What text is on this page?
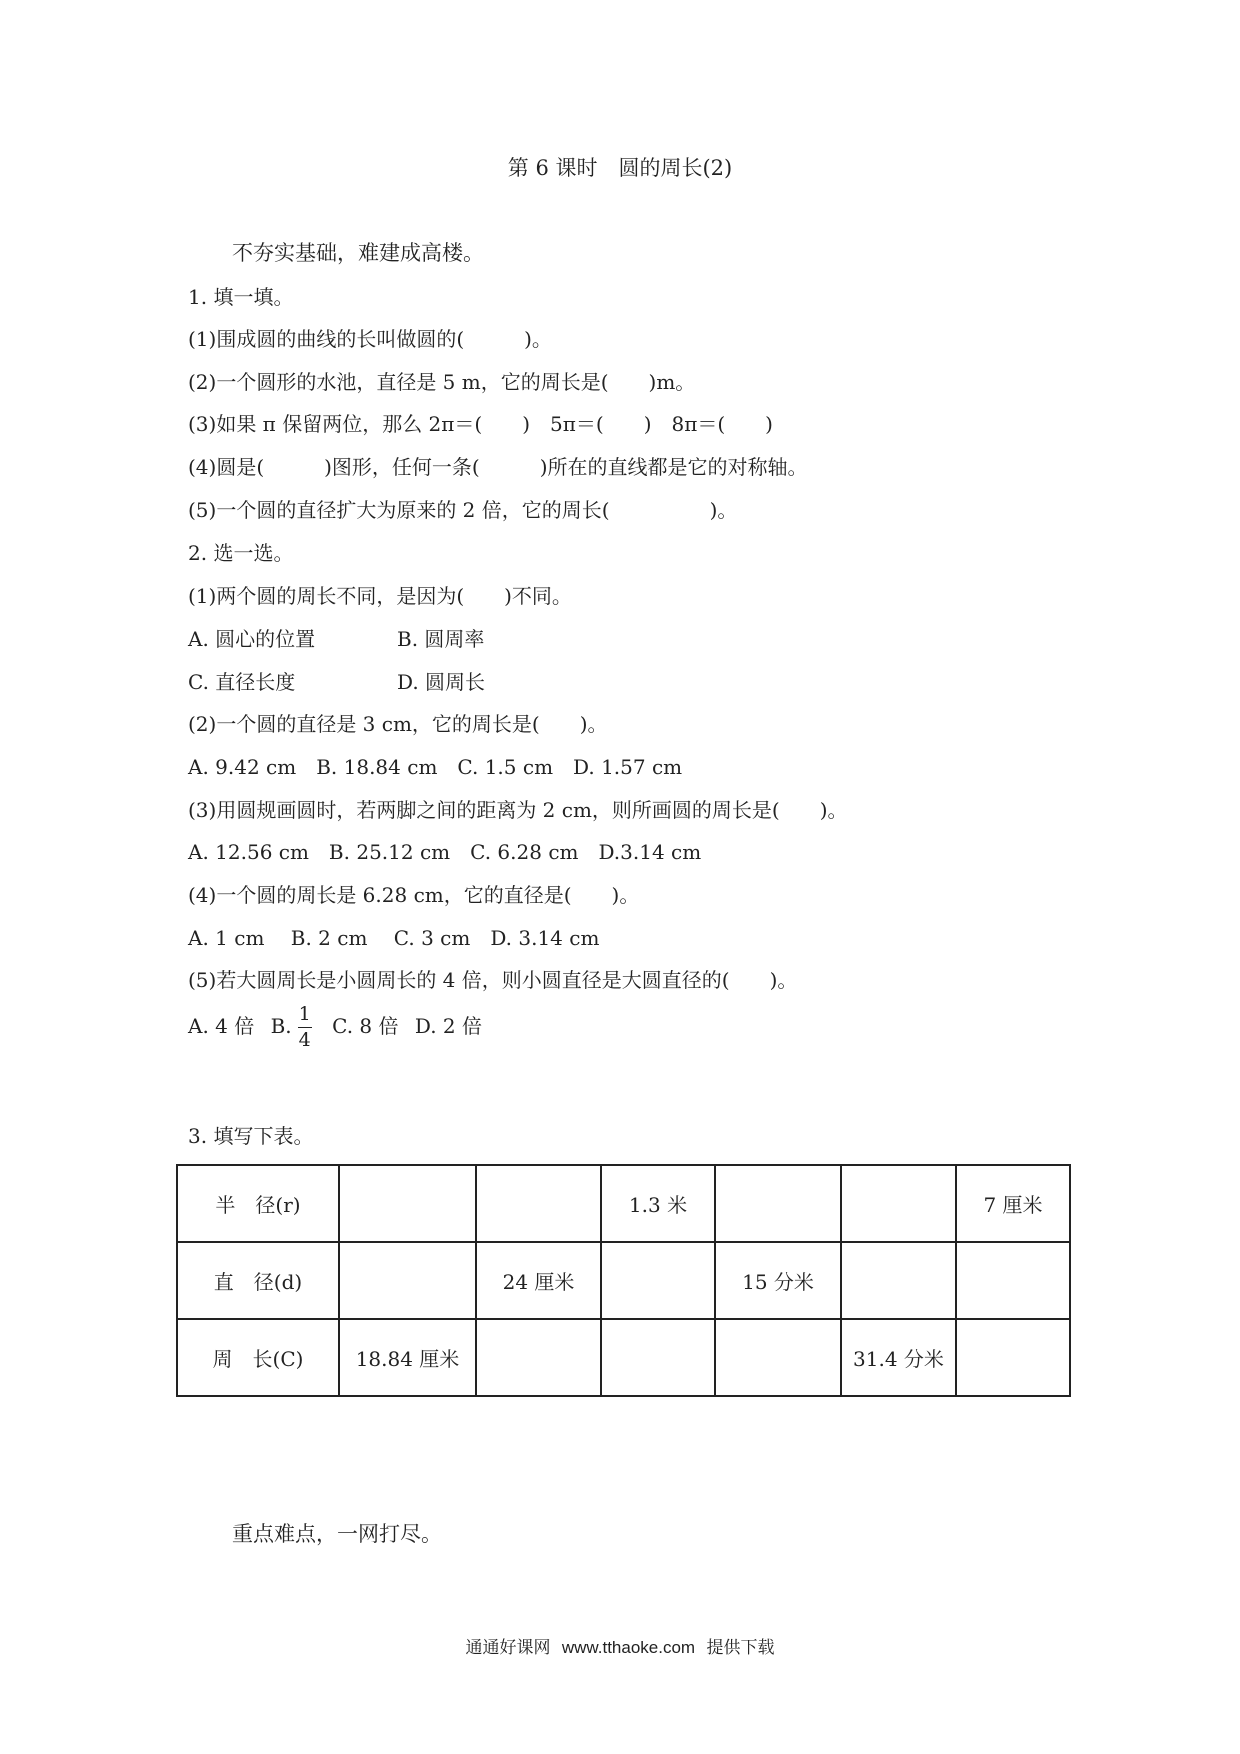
第 6 课时　圆的周长(2)
不夯实基础，难建成高楼。
1. 填一填。
(1)围成圆的曲线的长叫做圆的(　　　)。
(2)一个圆形的水池，直径是 5 m，它的周长是(　　)m。
(3)如果 π 保留两位，那么 2π＝(　　)　5π＝(　　)　8π＝(　　)
(4)圆是(　　　)图形，任何一条(　　　)所在的直线都是它的对称轴。
(5)一个圆的直径扩大为原来的 2 倍，它的周长(　　　　　)。
2. 选一选。
(1)两个圆的周长不同，是因为(　　)不同。
A. 圆心的位置	B. 圆周率
C. 直径长度	D. 圆周长
(2)一个圆的直径是 3 cm，它的周长是(　　)。
A. 9.42 cm　B. 18.84 cm　C. 1.5 cm　D. 1.57 cm
(3)用圆规画圆时，若两脚之间的距离为 2 cm，则所画圆的周长是(　　)。
A. 12.56 cm　B. 25.12 cm　C. 6.28 cm　D.3.14 cm
(4)一个圆的周长是 6.28 cm，它的直径是(　　)。
A. 1 cm　 B. 2 cm　 C. 3 cm　D. 3.14 cm
(5)若大圆周长是小圆周长的 4 倍，则小圆直径是大圆直径的(　　)。
A. 4 倍 B. $\frac{1}{4} C$. 8 倍 D. 2 倍
3. 填写下表。
半　径(r)			1.3 米			7 厘米
直　径(d)		24 厘米		15 分米		
周　长(C)	18.84 厘米				31.4 分米	
重点难点，一网打尽。
通通好课网 www.tthaoke.com 提供下载
